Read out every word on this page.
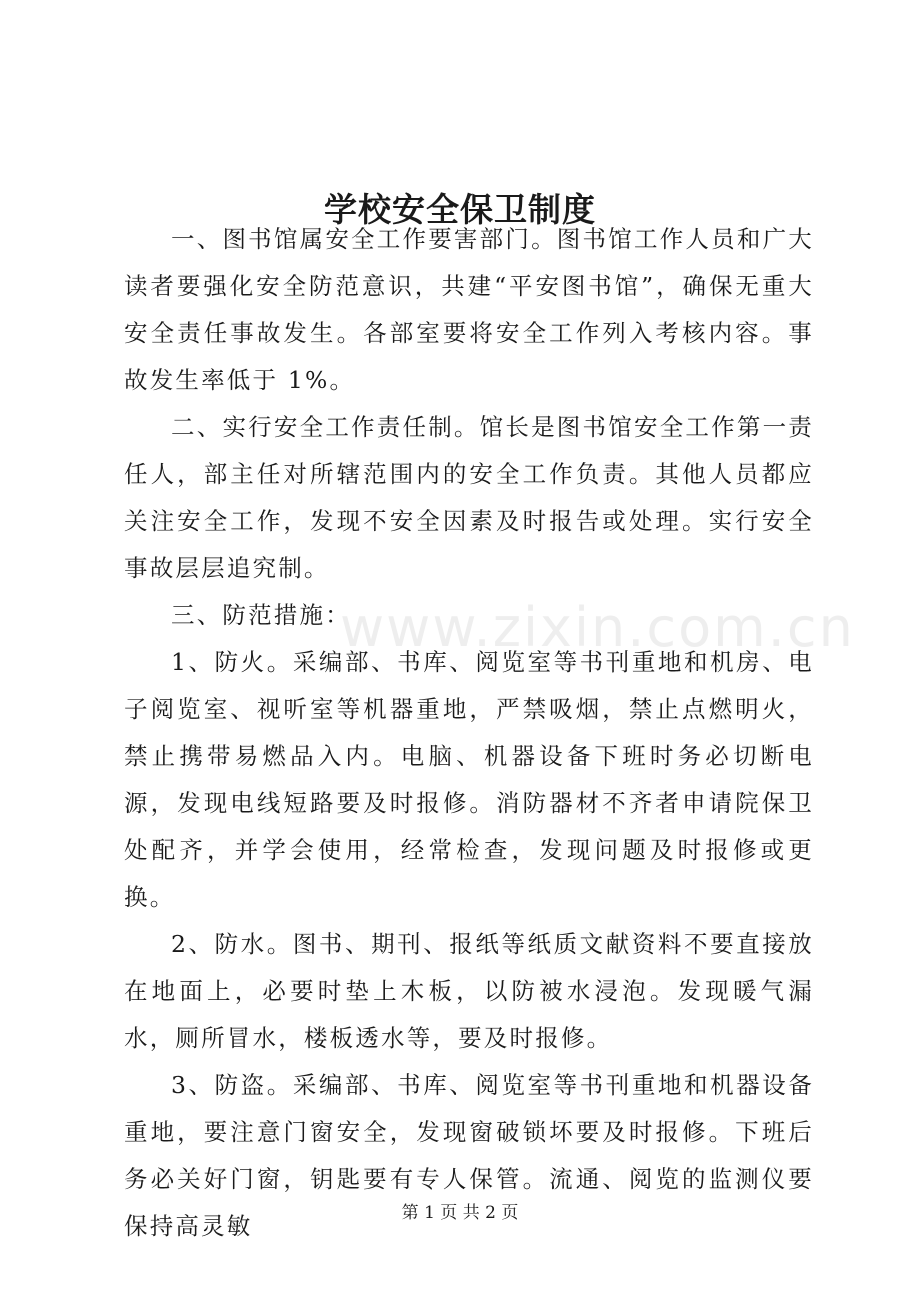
www.zixin.com.cn
学校安全保卫制度

一、图书馆属安全工作要害部门。图书馆工作人员和广大读者要强化安全防范意识，共建“平安图书馆”，确保无重大安全责任事故发生。各部室要将安全工作列入考核内容。事故发生率低于 1%。

二、实行安全工作责任制。馆长是图书馆安全工作第一责任人，部主任对所辖范围内的安全工作负责。其他人员都应关注安全工作，发现不安全因素及时报告或处理。实行安全事故层层追究制。

三、防范措施：

1、防火。采编部、书库、阅览室等书刊重地和机房、电子阅览室、视听室等机器重地，严禁吸烟，禁止点燃明火，禁止携带易燃品入内。电脑、机器设备下班时务必切断电源，发现电线短路要及时报修。消防器材不齐者申请院保卫处配齐，并学会使用，经常检查，发现问题及时报修或更换。

2、防水。图书、期刊、报纸等纸质文献资料不要直接放在地面上，必要时垫上木板，以防被水浸泡。发现暖气漏水，厕所冒水，楼板透水等，要及时报修。

3、防盗。采编部、书库、阅览室等书刊重地和机器设备重地，要注意门窗安全，发现窗破锁坏要及时报修。下班后务必关好门窗，钥匙要有专人保管。流通、阅览的监测仪要保持高灵敏	第 1 页 共 2 页
